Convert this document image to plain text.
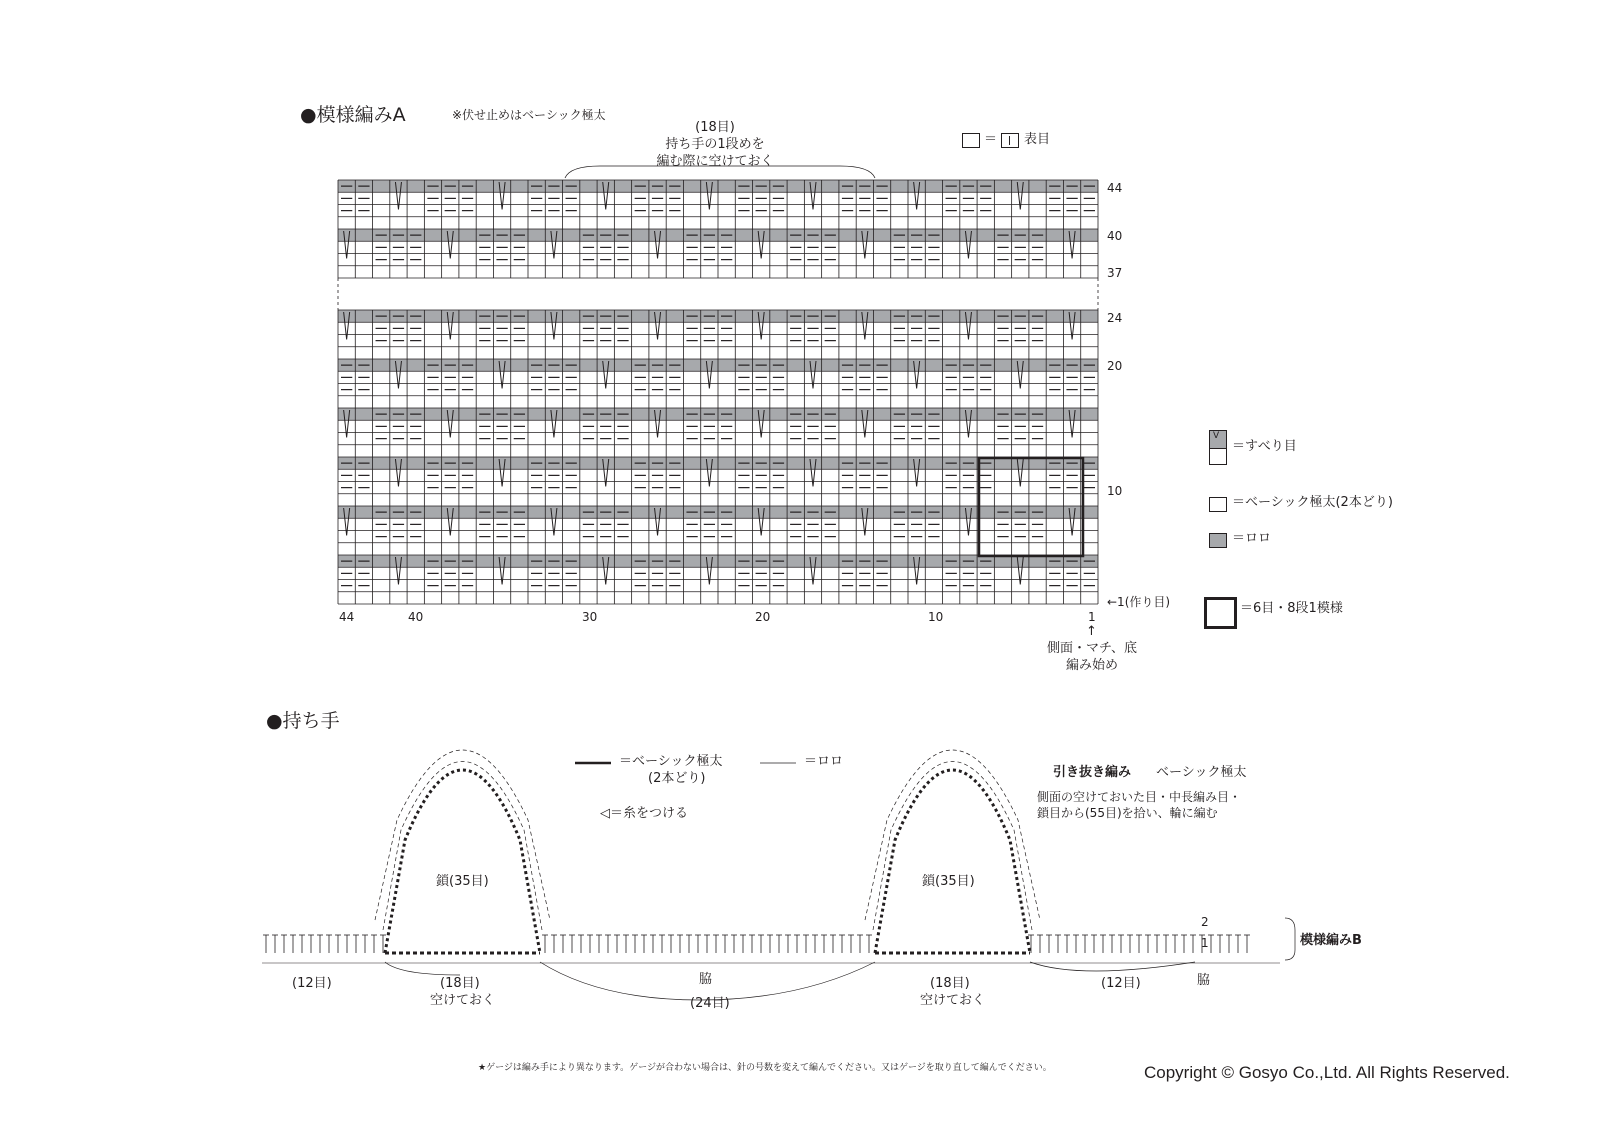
●模様編みA	※伏せ止めはベーシック極太
(18目)
持ち手の1段めを
編む際に空けておく
＝ 表目
44
40
37
24
20
10
←1(作り目)
44	40	30	20	10	1
↑
側面・マチ、底
編み始め
V
＝すべり目
＝ベーシック極太(2本どり)
＝ロロ
＝6目・8段1模様
●持ち手
＝ベーシック極太
(2本どり)
＝ロロ
◁＝糸をつける
引き抜き編み ベーシック極太
側面の空けておいた目・中長編み目・
鎖目から(55目)を拾い、輪に編む
鎖(35目)	鎖(35目)
模様編みB
2
1
(12目)	(18目)
空けておく
脇
(24目)
(18目)
空けておく
(12目)	脇
★ゲージは編み手により異なります。ゲージが合わない場合は、針の号数を変えて編んでください。又はゲージを取り直して編んでください。	Copyright © Gosyo Co.,Ltd. All Rights Reserved.
